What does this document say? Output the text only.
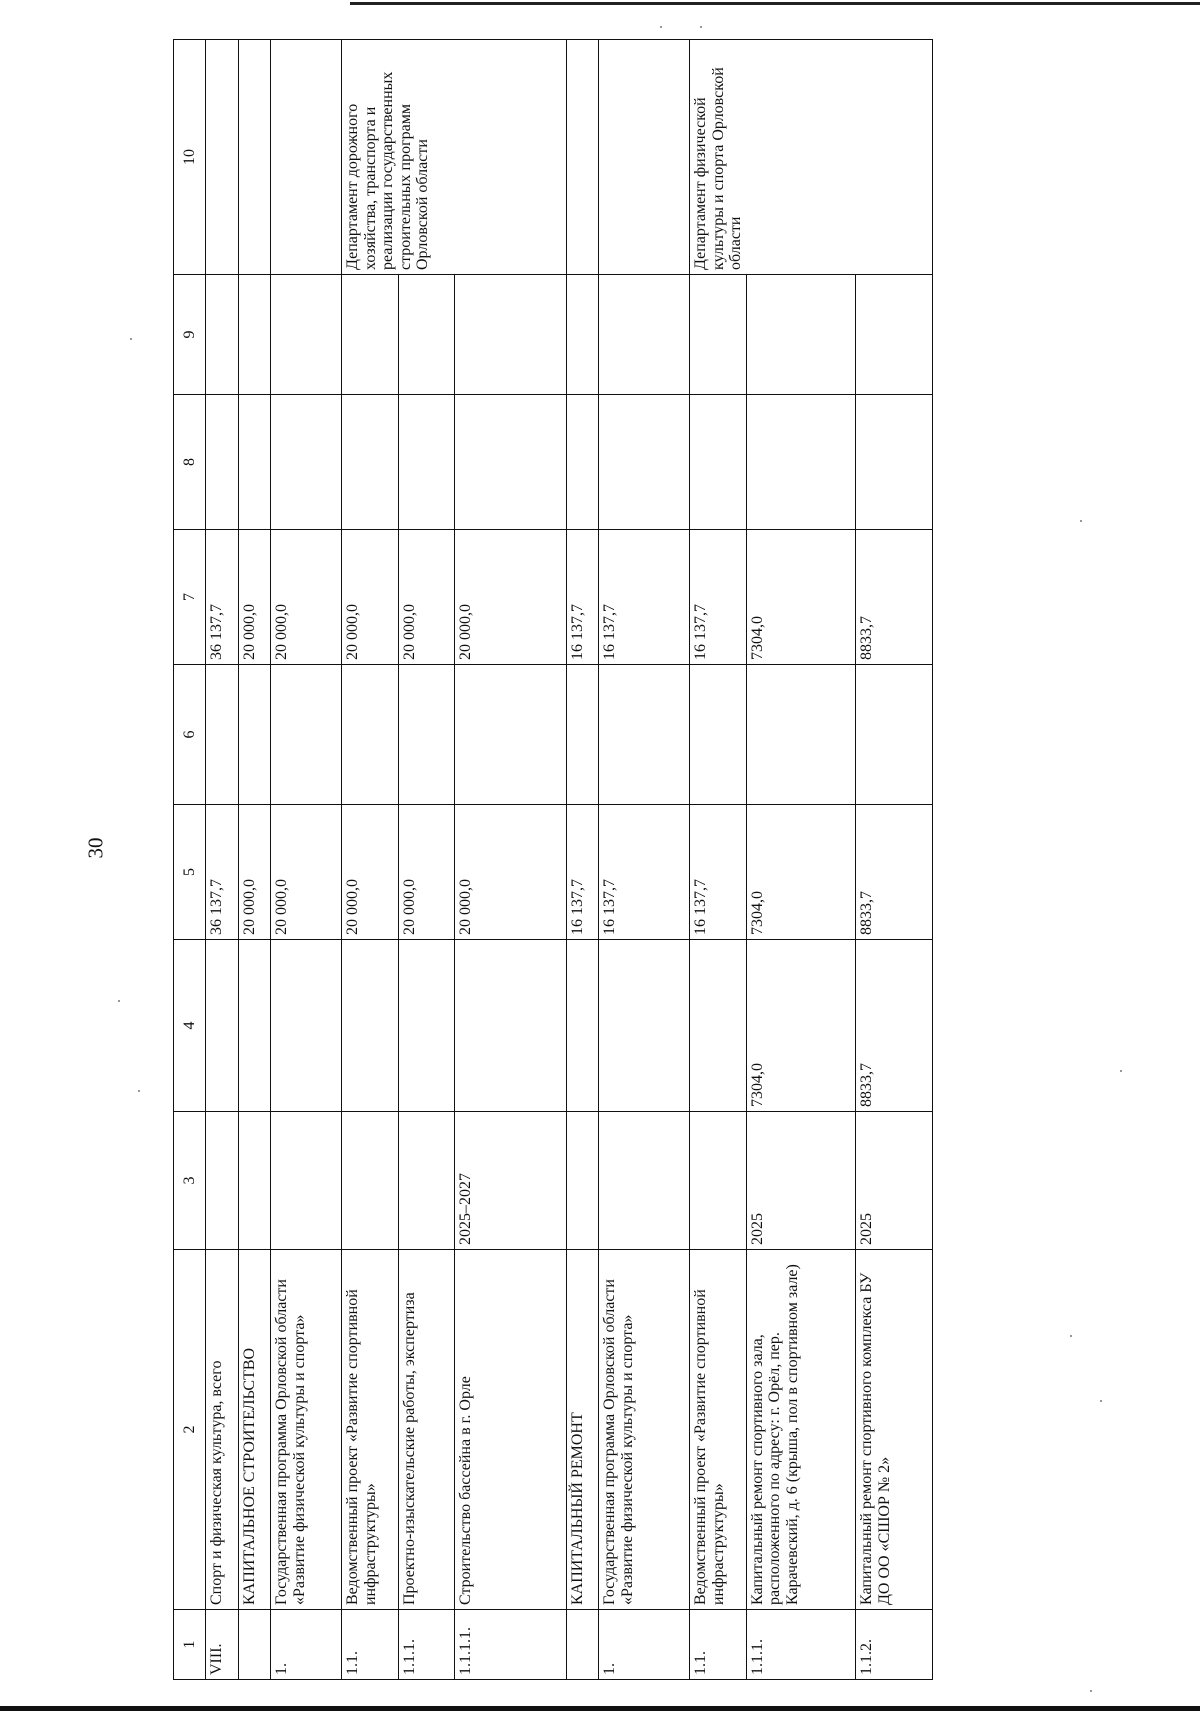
30
1	2	3	4	5	6	7	8	9	10
VIII.	Спорт и физическая культура, всего			36 137,7		36 137,7			
	КАПИТАЛЬНОЕ СТРОИТЕЛЬСТВО			20 000,0		20 000,0			
1.	Государственная программа Орловской области «Развитие физической культуры и спорта»			20 000,0		20 000,0			
1.1.	Ведомственный проект «Развитие спортивной инфраструктуры»			20 000,0		20 000,0			Департамент дорожного хозяйства, транспорта и реализации государственных строительных программ Орловской области
1.1.1.	Проектно-изыскательские работы, экспертиза			20 000,0		20 000,0			
1.1.1.1.	Строительство бассейна в г. Орле	2025–2027		20 000,0		20 000,0			
	КАПИТАЛЬНЫЙ РЕМОНТ			16 137,7		16 137,7			
1.	Государственная программа Орловской области «Развитие физической культуры и спорта»			16 137,7		16 137,7			
1.1.	Ведомственный проект «Развитие спортивной инфраструктуры»			16 137,7		16 137,7			Департамент физической культуры и спорта Орловской области
1.1.1.	Капитальный ремонт спортивного зала, расположенного по адресу: г. Орёл, пер. Карачевский, д. 6 (крыша, пол в спортивном зале)	2025	7304,0	7304,0		7304,0			
1.1.2.	Капитальный ремонт спортивного комплекса БУ ДО ОО «СШОР № 2»	2025	8833,7	8833,7		8833,7			
